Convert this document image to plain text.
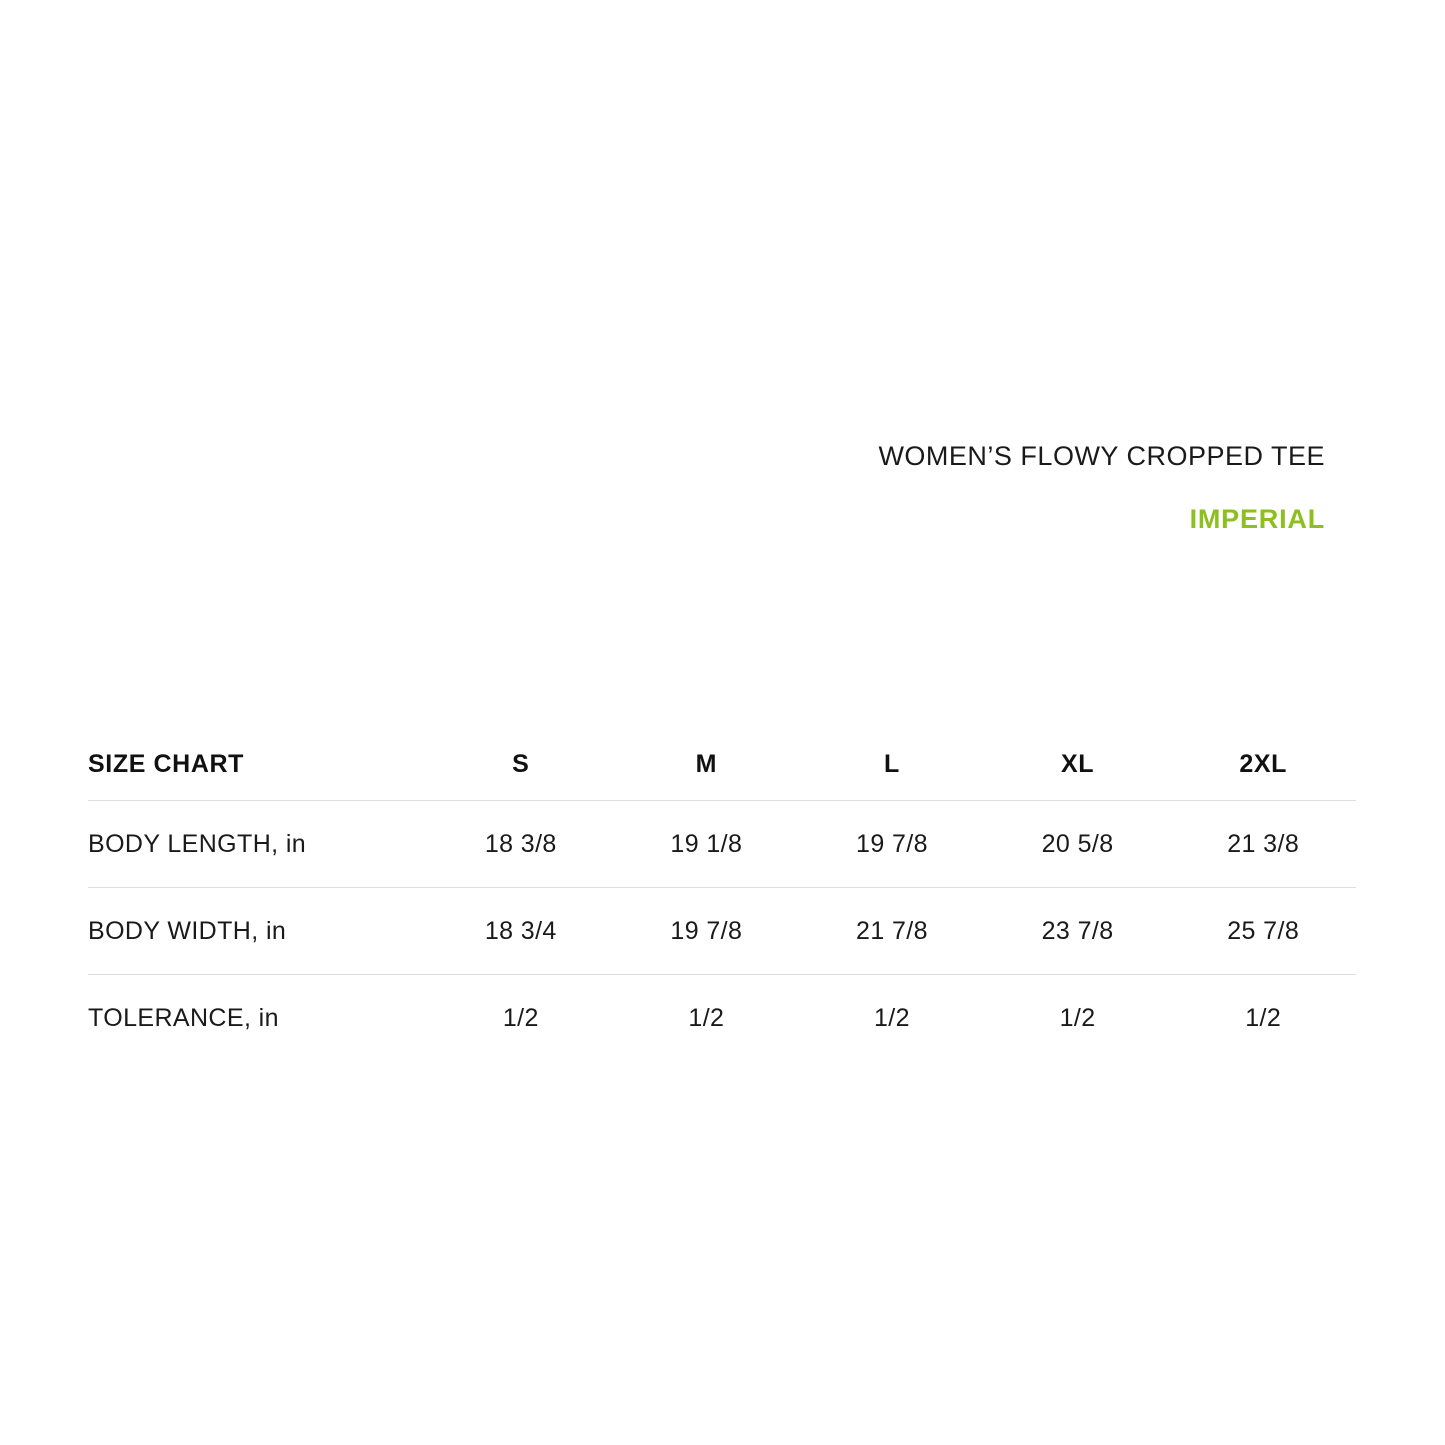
WOMEN’S FLOWY CROPPED TEE
IMPERIAL
SIZE CHART	S	M	L	XL	2XL
BODY LENGTH, in	18 3/8	19 1/8	19 7/8	20 5/8	21 3/8
BODY WIDTH, in	18 3/4	19 7/8	21 7/8	23 7/8	25 7/8
TOLERANCE, in	1/2	1/2	1/2	1/2	1/2
